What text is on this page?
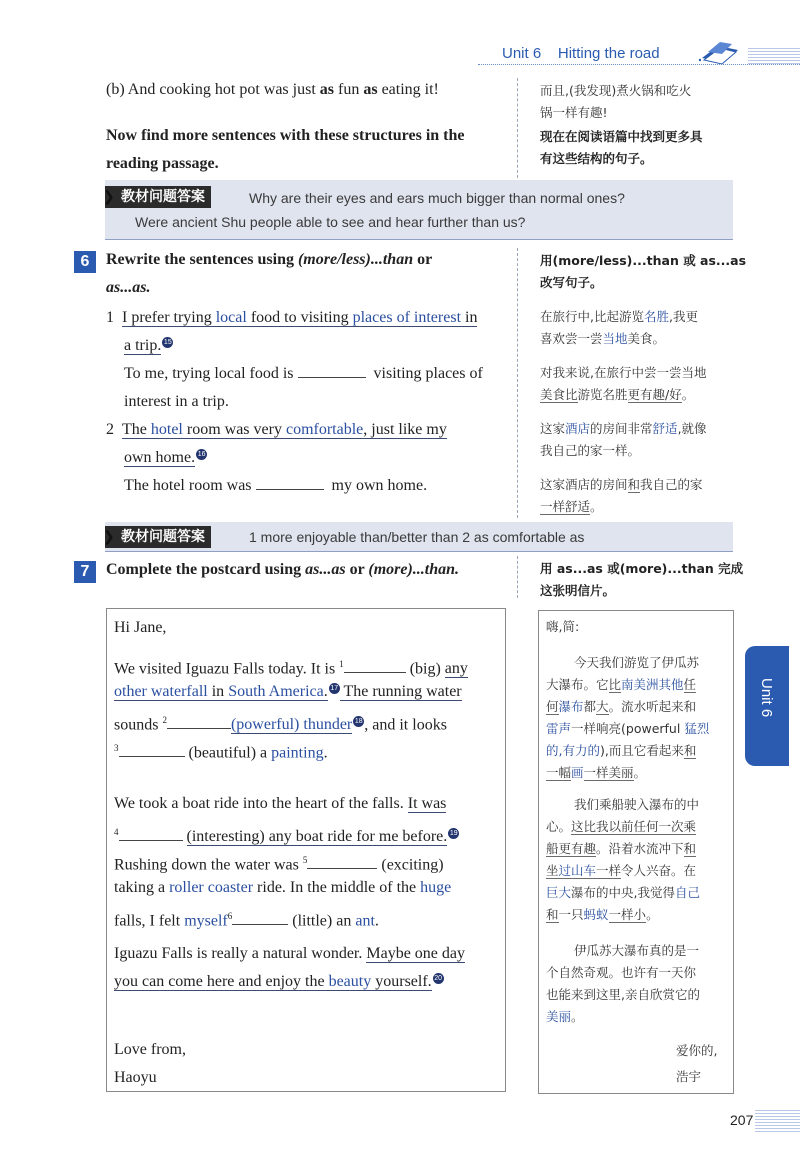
Unit 6 Hitting the road
(b) And cooking hot pot was just as fun as eating it!	而且,(我发现)煮火锅和吃火
锅一样有趣!
Now find more sentences with these structures in the
reading passage.
现在在阅读语篇中找到更多具
有这些结构的句子。
❯ 教材问题答案	Why are their eyes and ears much bigger than normal ones?
Were ancient Shu people able to see and hear further than us?
6	Rewrite the sentences using (more/less)...than or
as...as.
用(more/less)...than 或 as...as
改写句子。
1 I prefer trying local food to visiting places of interest in
a trip. 15
在旅行中,比起游览名胜,我更
喜欢尝一尝当地美食。
To me, trying local food is	visiting places of
interest in a trip.
对我来说,在旅行中尝一尝当地
美食比游览名胜更有趣/好。
2 The hotel room was very comfortable, just like my
own home. 16
这家酒店的房间非常舒适,就像
我自己的家一样。
The hotel room was	my own home.	这家酒店的房间和我自己的家
一样舒适。
❯ 教材问题答案	1 more enjoyable than/better than 2 as comfortable as
7	Complete the postcard using as...as or (more)...than.	用 as...as 或(more)...than 完成
这张明信片。
Hi Jane,
We visited Iguazu Falls today. It is $^1$	(big) any
other waterfall in South America. 17 The running water
sounds $^2$	(powerful) thunder 18 , and it looks
$^3$	(beautiful) a painting.
We took a boat ride into the heart of the falls. It was
$^4$	(interesting) any boat ride for me before. 19
Rushing down the water was $^5$	(exciting)
taking a roller coaster ride. In the middle of the huge
falls, I felt myself$^6$	(little) an ant.
Iguazu Falls is really a natural wonder. Maybe one day
you can come here and enjoy the beauty yourself. 20
Love from,
Haoyu
嗨,简:
今天我们游览了伊瓜苏
大瀑布。它比南美洲其他任
何瀑布都大。流水听起来和
雷声一样响亮(powerful 猛烈
的,有力的),而且它看起来和
一幅画一样美丽。
我们乘船驶入瀑布的中
心。这比我以前任何一次乘
船更有趣。沿着水流冲下和
坐过山车一样令人兴奋。在
巨大瀑布的中央,我觉得自己
和一只蚂蚁一样小。
伊瓜苏大瀑布真的是一
个自然奇观。也许有一天你
也能来到这里,亲自欣赏它的
美丽。
爱你的,
浩宇
Unit 6
207
